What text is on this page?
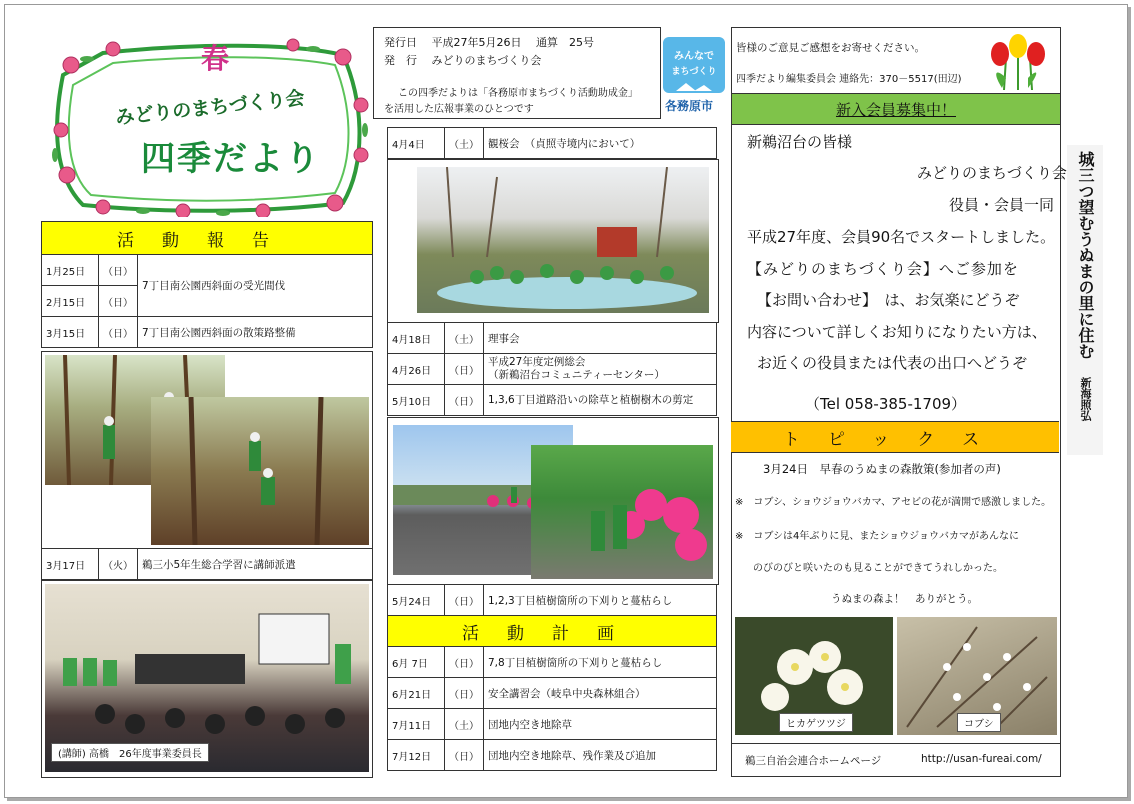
春
みどりのまちづくり会
四季だより
発行日　 平成27年5月26日　 通算　25号
発　行　 みどりのまちづくり会
この四季だよりは「各務原市まちづくり活動助成金」
を活用した広報事業のひとつです
みんなで
まちづくり
各務原市
皆様のご意見ご感想をお寄せください。
四季だより編集委員会 連絡先：370－5517(田辺)
活動報告
1月25日	（日）	7丁目南公園西斜面の受光間伐
2月15日	（日）	
3月15日	（日）	7丁目南公園西斜面の散策路整備
3月17日	（火）	鵜三小5年生総合学習に講師派遣
(講師) 高橋　26年度事業委員長
4月4日	（土）	観桜会　（貞照寺境内において）
4月18日	（土）	理事会
4月26日	（日）	平成27年度定例総会
（新鵜沼台コミュニティーセンター）
5月10日	（日）	1,3,6丁目道路沿いの除草と植樹樹木の剪定
5月24日	（日）	1,2,3丁目植樹箇所の下刈りと蔓枯らし
活動計画
6月 7日	（日）	7,8丁目植樹箇所の下刈りと蔓枯らし
6月21日	（日）	安全講習会（岐阜中央森林組合）
7月11日	（土）	団地内空き地除草
7月12日	（日）	団地内空き地除草、残作業及び追加
新入会員募集中！
新鵜沼台の皆様
みどりのまちづくり会
役員・会員一同
平成27年度、会員90名でスタートしました。
【みどりのまちづくり会】へご参加を
【お問い合わせ】　は、お気楽にどうぞ
内容について詳しくお知りになりたい方は、
お近くの役員または代表の出口へどうぞ
（Tel 058-385-1709）
トピックス
3月24日　早春のうぬまの森散策(参加者の声)
※　コブシ、ショウジョウバカマ、アセビの花が満開で感激しました。
※　コブシは4年ぶりに見、またショウジョウバカマがあんなに
のびのびと咲いたのも見ることができてうれしかった。
うぬまの森よ！　ありがとう。
ヒカゲツツジ	コブシ
鵜三自治会連合ホームページ	http://usan-fureai.com/
城三つ望むうぬまの里に住む
新海照弘
